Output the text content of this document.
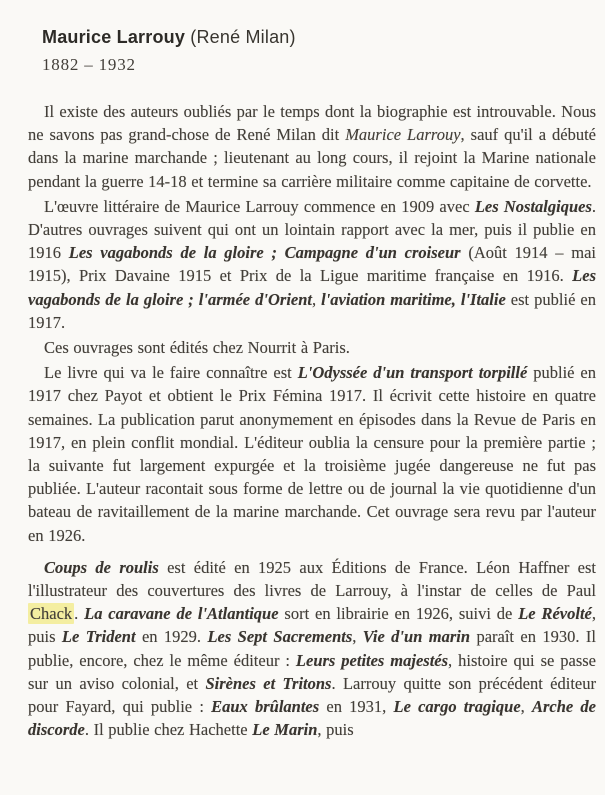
Maurice Larrouy (René Milan)
1882 – 1932

Il existe des auteurs oubliés par le temps dont la biographie est introuvable. Nous ne savons pas grand-chose de René Milan dit Maurice Larrouy, sauf qu'il a débuté dans la marine marchande ; lieutenant au long cours, il rejoint la Marine nationale pendant la guerre 14-18 et termine sa carrière militaire comme capitaine de corvette.

L'œuvre littéraire de Maurice Larrouy commence en 1909 avec Les Nostalgiques. D'autres ouvrages suivent qui ont un lointain rapport avec la mer, puis il publie en 1916 Les vagabonds de la gloire ; Campagne d'un croiseur (Août 1914 – mai 1915), Prix Davaine 1915 et Prix de la Ligue maritime française en 1916. Les vagabonds de la gloire ; l'armée d'Orient, l'aviation maritime, l'Italie est publié en 1917.

Ces ouvrages sont édités chez Nourrit à Paris.

Le livre qui va le faire connaître est L'Odyssée d'un transport torpillé publié en 1917 chez Payot et obtient le Prix Fémina 1917. Il écrivit cette histoire en quatre semaines. La publication parut anonymement en épisodes dans la Revue de Paris en 1917, en plein conflit mondial. L'éditeur oublia la censure pour la première partie ; la suivante fut largement expurgée et la troisième jugée dangereuse ne fut pas publiée. L'auteur racontait sous forme de lettre ou de journal la vie quotidienne d'un bateau de ravitaillement de la marine marchande. Cet ouvrage sera revu par l'auteur en 1926.

Coups de roulis est édité en 1925 aux Éditions de France. Léon Haffner est l'illustrateur des couvertures des livres de Larrouy, à l'instar de celles de Paul Chack . La caravane de l'Atlantique sort en librairie en 1926, suivi de Le Révolté, puis Le Trident en 1929. Les Sept Sacrements, Vie d'un marin paraît en 1930. Il publie, encore, chez le même éditeur : Leurs petites majestés, histoire qui se passe sur un aviso colonial, et Sirènes et Tritons. Larrouy quitte son précédent éditeur pour Fayard, qui publie : Eaux brûlantes en 1931, Le cargo tragique, Arche de discorde. Il publie chez Hachette Le Marin, puis
